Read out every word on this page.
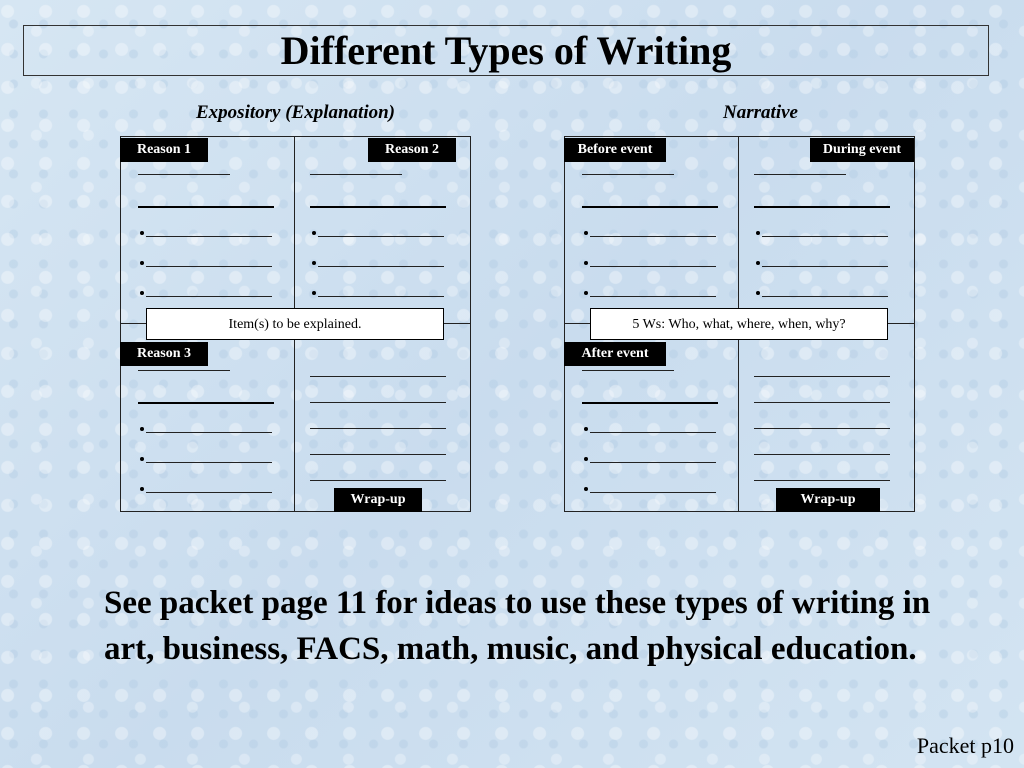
Different Types of Writing
Expository (Explanation)	Narrative
Reason 1	Reason 2
Reason 3
Wrap-up
Item(s) to be explained.
Before event	During event
After event
Wrap-up
5 Ws: Who, what, where, when, why?

See packet page 11 for ideas to use these types of writing in art, business, FACS, math, music, and physical education.

Packet p10
